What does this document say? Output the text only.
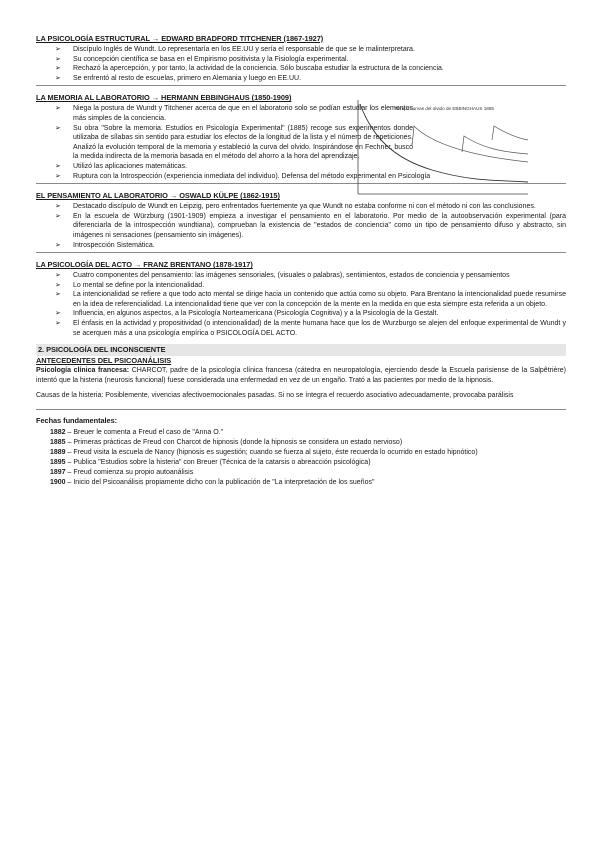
LA PSICOLOGÍA ESTRUCTURAL → EDWARD BRADFORD TITCHENER (1867-1927)

➢ Discípulo Inglés de Wundt. Lo representaría en los EE.UU y sería el responsable de que se le malinterpretara.
➢ Su concepción científica se basa en el Empirismo positivista y la Fisiología experimental.
➢ Rechazó la apercepción, y por tanto, la actividad de la conciencia. Sólo buscaba estudiar la estructura de la conciencia.
➢ Se enfrentó al resto de escuelas, primero en Alemania y luego en EE.UU.

LA MEMORIA AL LABORATORIO → HERMANN EBBINGHAUS (1850-1909)

➢ Niega la postura de Wundt y Titchener acerca de que en el laboratorio solo se podían estudiar los elementos más simples de la conciencia.
➢ Su obra "Sobre la memoria. Estudios en Psicología Experimental" (1885) recoge sus experimentos donde utilizaba de sílabas sin sentido para estudiar los efectos de la longitud de la lista y el número de repeticiones. Analizó la evolución temporal de la memoria y estableció la curva del olvido. Inspirándose en Fechner, buscó la medida indirecta de la memoria basada en el método del ahorro a la hora del aprendizaje.
➢ Utilizó las aplicaciones matemáticas.
➢ Ruptura con la Introspección (experiencia inmediata del individuo). Defensa del método experimental en Psicología

EL PENSAMIENTO AL LABORATORIO → OSWALD KÜLPE (1862-1915)

➢ Destacado discípulo de Wundt en Leipzig, pero enfrentados fuertemente ya que Wundt no estaba conforme ni con el método ni con las conclusiones.
➢ En la escuela de Würzburg (1901-1909) empieza a investigar el pensamiento en el laboratorio. Por medio de la autoobservación experimental (para diferenciarla de la introspección wundtiana), comprueban la existencia de "estados de conciencia" como un tipo de pensamiento difuso y abstracto, sin imágenes ni sensaciones (pensamiento sin imágenes).
➢ Introspección Sistemática.

LA PSICOLOGÍA DEL ACTO → FRANZ BRENTANO (1878-1917)

➢ Cuatro componentes del pensamiento: las imágenes sensoriales, (visuales o palabras), sentimientos, estados de conciencia y pensamientos
➢ Lo mental se define por la intencionalidad.
➢ La intencionalidad se refiere a que todo acto mental se dirige hacia un contenido que actúa como su objeto. Para Brentano la intencionalidad puede resumirse en la idea de referencialidad. La intencionalidad tiene que ver con la concepción de la mente en la medida en que esta siempre esta referida a un objeto.
➢ Influencia, en algunos aspectos, a la Psicología Norteamericana (Psicología Cognitiva) y a la Psicología de la Gestalt.
➢ El énfasis en la actividad y propositividad (o intencionalidad) de la mente humana hace que los de Wurzburgo se alejen del enfoque experimental de Wundt y se acerquen más a una psicología empírica o PSICOLOGÍA DEL ACTO.

2. PSICOLOGÍA DEL INCONSCIENTE

ANTECEDENTES DEL PSICOANÁLISIS

Psicología clínica francesa: CHARCOT, padre de la psicología clínica francesa (cátedra en neuropatología, ejerciendo desde la Escuela parisiense de la Salpêtrière) intentó que la histeria (neurosis funcional) fuese considerada una enfermedad en vez de un engaño. Trató a las pacientes por medio de la hipnosis.

Causas de la histeria: Posiblemente, vivencias afectivoemocionales pasadas. Si no se íntegra el recuerdo asociativo adecuadamente, provocaba parálisis

Fechas fundamentales:

1882 – Breuer le comenta a Freud el caso de "Anna O."
1885 – Primeras prácticas de Freud con Charcot de hipnosis (donde la hipnosis se considera un estado nervioso)
1889 – Freud visita la escuela de Nancy (hipnosis es sugestión; cuando se fuerza al sujeto, éste recuerda lo ocurrido en estado hipnótico)
1895 – Publica "Estudios sobre la histeria" con Breuer (Técnica de la catarsis o abreacción psicológica)
1897 – Freud comienza su propio autoanálisis
1900 – Inicio del Psicoanálisis propiamente dicho con la publicación de "La interpretación de los sueños"
Tiempo curvas del olvido de EBBINGHAUS 1885
